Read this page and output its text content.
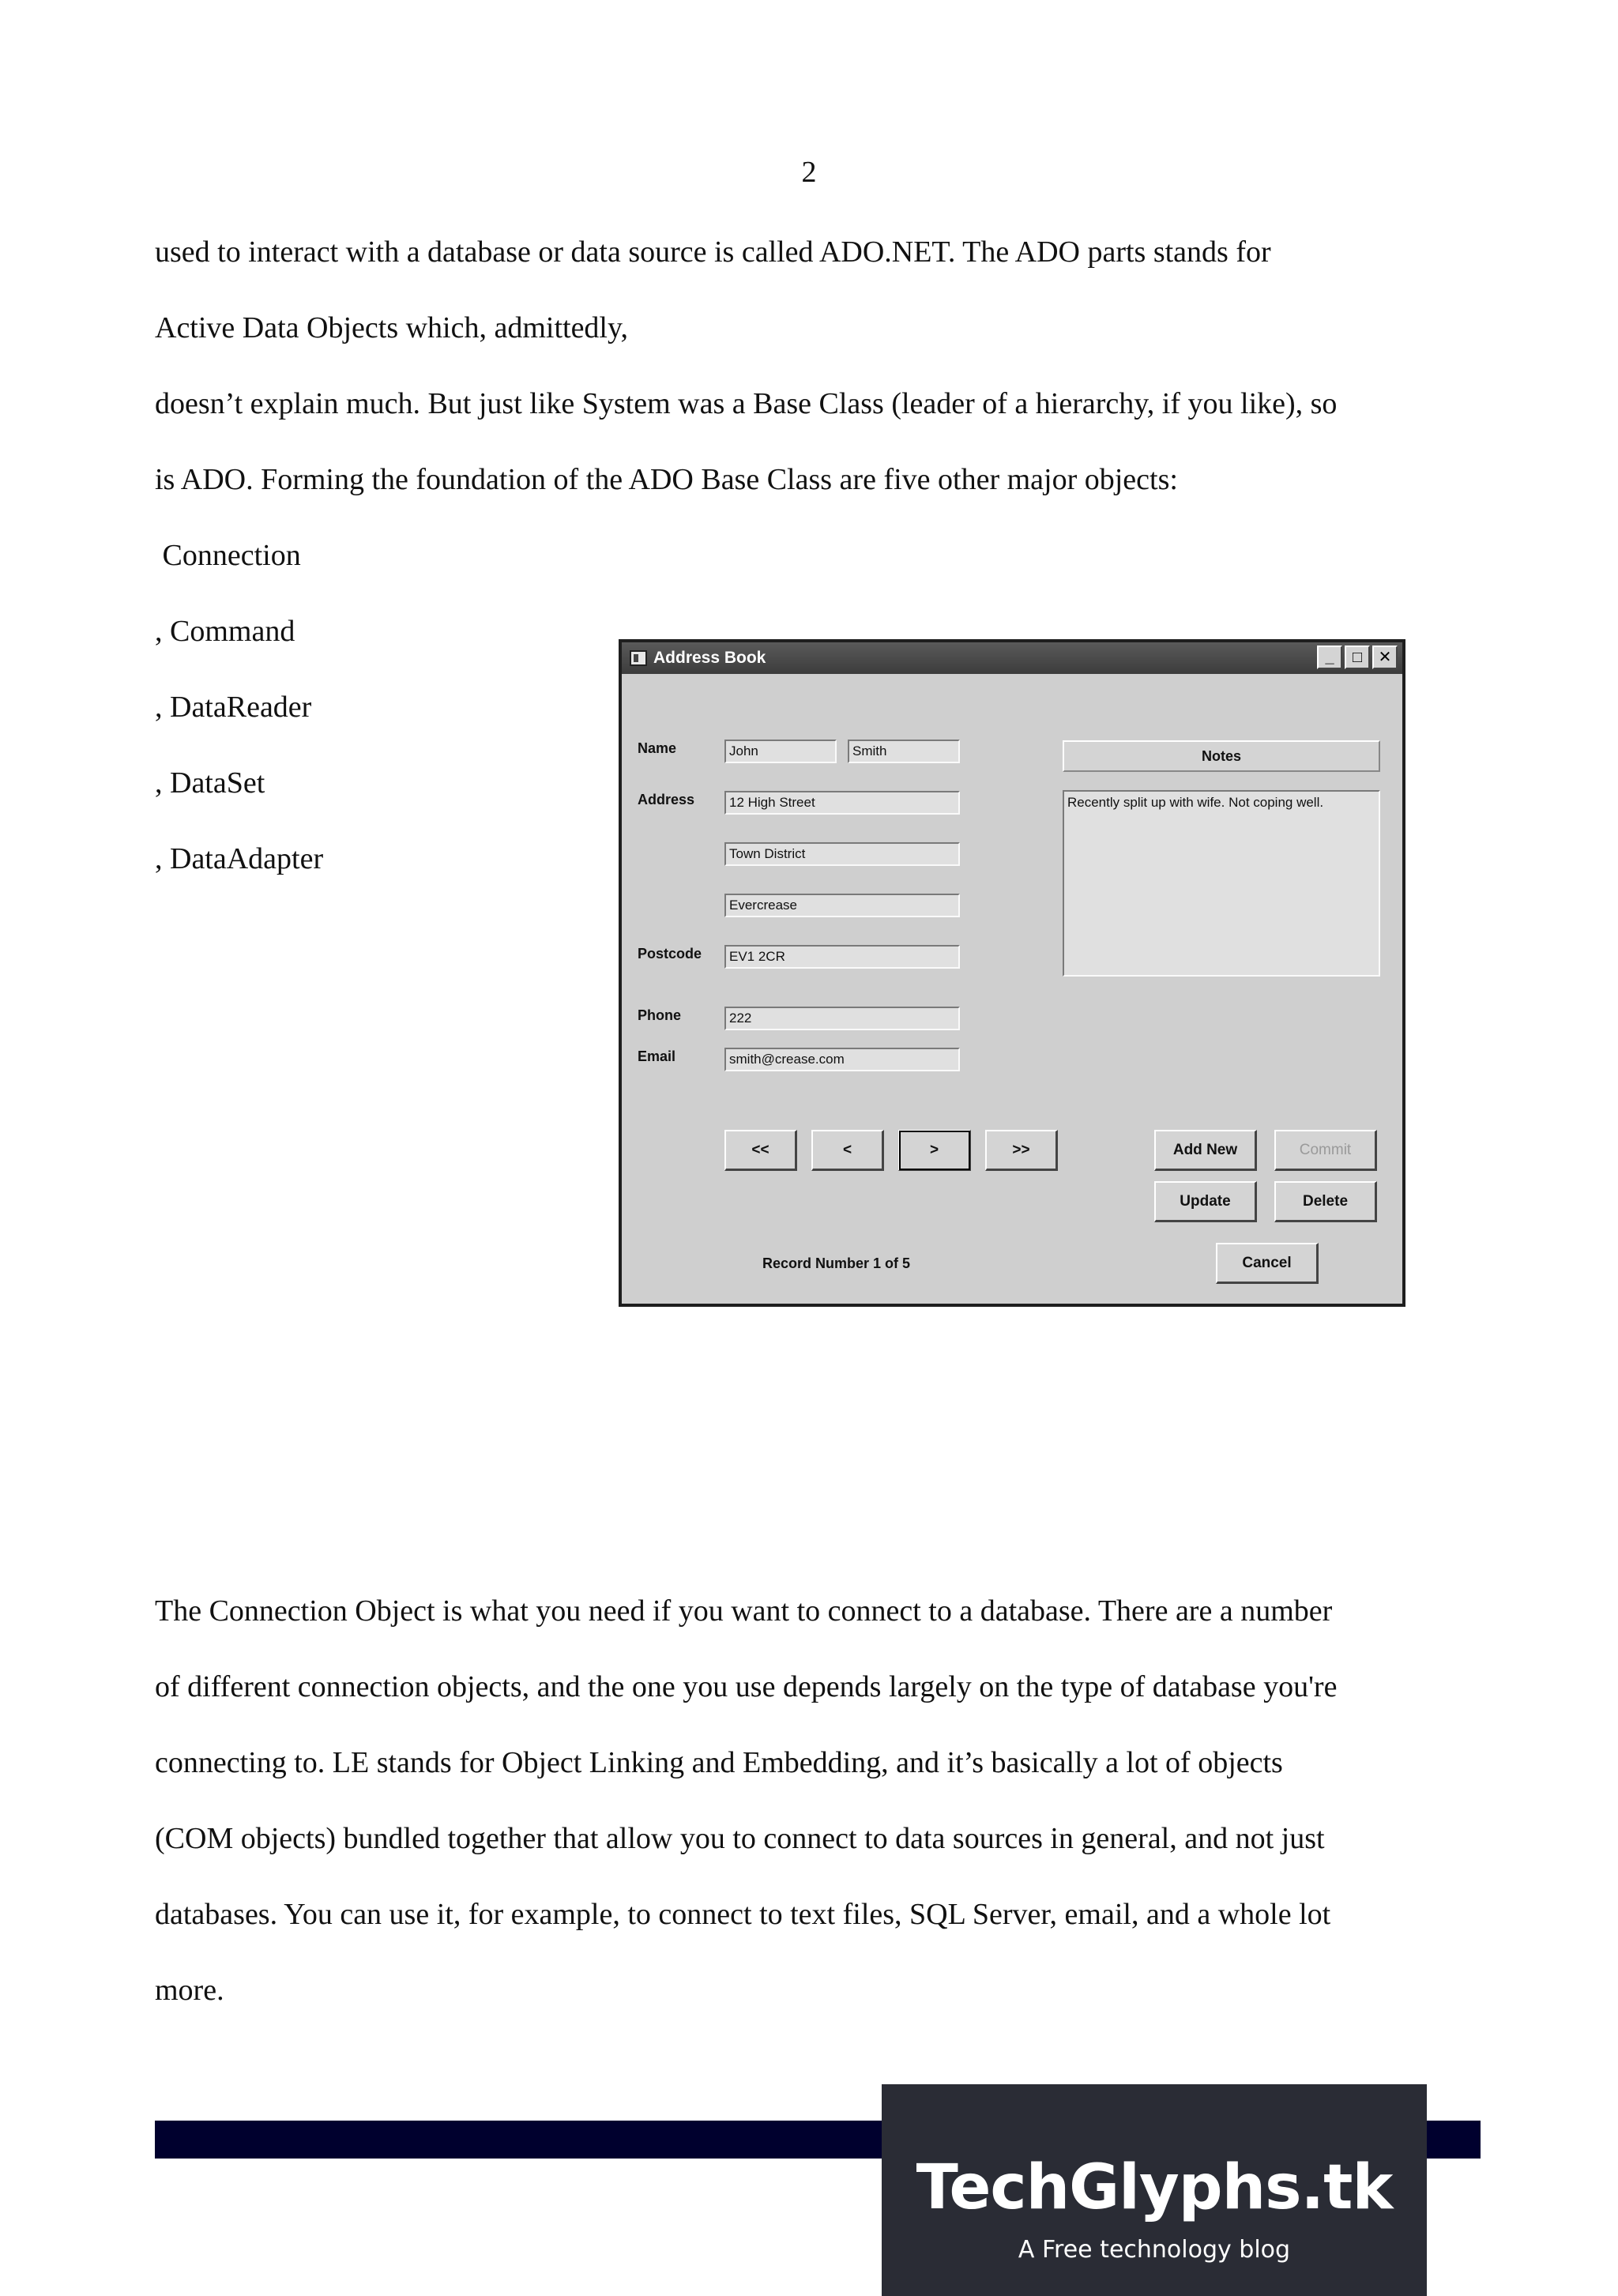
2
used to interact with a database or data source is called ADO.NET. The ADO parts stands for
Active Data Objects which, admittedly,
doesn’t explain much. But just like System was a Base Class (leader of a hierarchy, if you like), so
is ADO. Forming the foundation of the ADO Base Class are five other major objects:
Connection
, Command
, DataReader
, DataSet
, DataAdapter
Address Book	_	□	✕
Name	John	Smith
Address	12 High Street
Town District
Evercrease
Postcode	EV1 2CR
Phone	222
Email	smith@crease.com
Notes
Recently split up with wife. Not coping well.
<<	<	>	>>	Add New	Commit
Update	Delete
Cancel
Record Number 1 of 5
The Connection Object is what you need if you want to connect to a database. There are a number
of different connection objects, and the one you use depends largely on the type of database you're
connecting to. LE stands for Object Linking and Embedding, and it’s basically a lot of objects
(COM objects) bundled together that allow you to connect to data sources in general, and not just
databases. You can use it, for example, to connect to text files, SQL Server, email, and a whole lot
more.
TechGlyphs.tk
A Free technology blog
